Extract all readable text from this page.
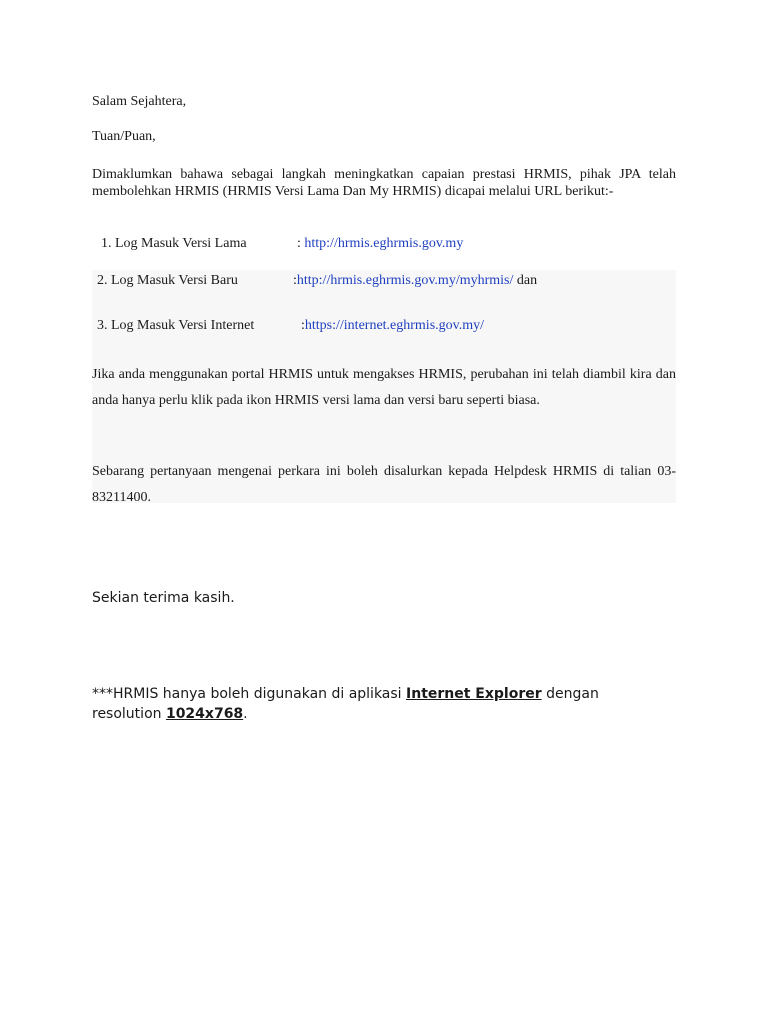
Salam Sejahtera,
Tuan/Puan,
Dimaklumkan bahawa sebagai langkah meningkatkan capaian prestasi HRMIS, pihak JPA telah membolehkan HRMIS (HRMIS Versi Lama Dan My HRMIS) dicapai melalui URL berikut:-
1. Log Masuk Versi Lama	: http://hrmis.eghrmis.gov.my
2. Log Masuk Versi Baru	:http://hrmis.eghrmis.gov.my/myhrmis/ dan
3. Log Masuk Versi Internet	:https://internet.eghrmis.gov.my/
Jika anda menggunakan portal HRMIS untuk mengakses HRMIS, perubahan ini telah diambil kira dan anda hanya perlu klik pada ikon HRMIS versi lama dan versi baru seperti biasa.
Sebarang pertanyaan mengenai perkara ini boleh disalurkan kepada Helpdesk HRMIS di talian 03-83211400.
Sekian terima kasih.
***HRMIS hanya boleh digunakan di aplikasi Internet Explorer dengan resolution 1024x768.
